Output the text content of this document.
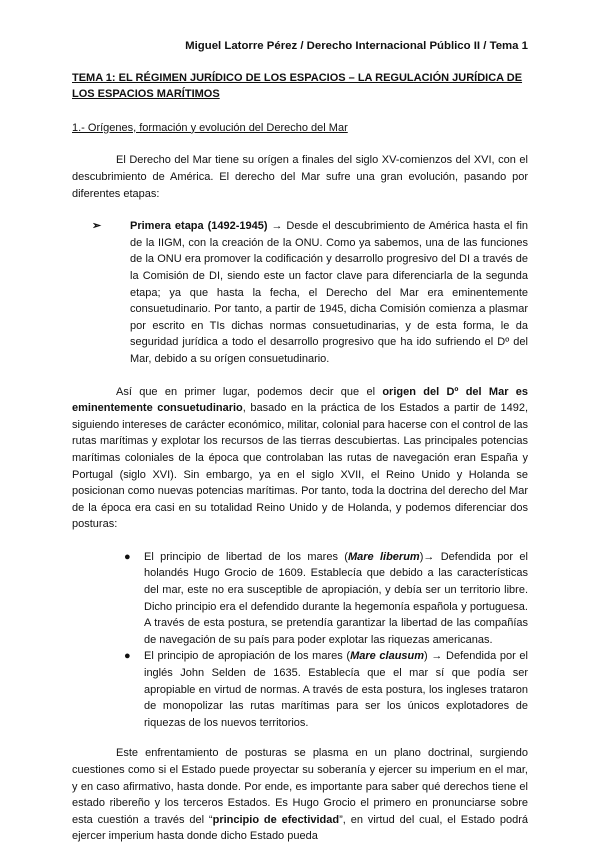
Miguel Latorre Pérez / Derecho Internacional Público II / Tema 1

TEMA 1: EL RÉGIMEN JURÍDICO DE LOS ESPACIOS – LA REGULACIÓN JURÍDICA DE LOS ESPACIOS MARÍTIMOS

1.- Orígenes, formación y evolución del Derecho del Mar

El Derecho del Mar tiene su orígen a finales del siglo XV-comienzos del XVI, con el descubrimiento de América. El derecho del Mar sufre una gran evolución, pasando por diferentes etapas:

➢	Primera etapa (1492-1945) → Desde el descubrimiento de América hasta el fin de la IIGM, con la creación de la ONU. Como ya sabemos, una de las funciones de la ONU era promover la codificación y desarrollo progresivo del DI a través de la Comisión de DI, siendo este un factor clave para diferenciarla de la segunda etapa; ya que hasta la fecha, el Derecho del Mar era eminentemente consuetudinario. Por tanto, a partir de 1945, dicha Comisión comienza a plasmar por escrito en TIs dichas normas consuetudinarias, y de esta forma, le da seguridad jurídica a todo el desarrollo progresivo que ha ido sufriendo el Dº del Mar, debido a su orígen consuetudinario.

Así que en primer lugar, podemos decir que el origen del Dº del Mar es eminentemente consuetudinario, basado en la práctica de los Estados a partir de 1492, siguiendo intereses de carácter económico, militar, colonial para hacerse con el control de las rutas marítimas y explotar los recursos de las tierras descubiertas. Las principales potencias marítimas coloniales de la época que controlaban las rutas de navegación eran España y Portugal (siglo XVI). Sin embargo, ya en el siglo XVII, el Reino Unido y Holanda se posicionan como nuevas potencias marítimas. Por tanto, toda la doctrina del derecho del Mar de la época era casi en su totalidad Reino Unido y de Holanda, y podemos diferenciar dos posturas:

● El principio de libertad de los mares (Mare liberum)→ Defendida por el holandés Hugo Grocio de 1609. Establecía que debido a las características del mar, este no era susceptible de apropiación, y debía ser un territorio libre. Dicho principio era el defendido durante la hegemonía española y portuguesa. A través de esta postura, se pretendía garantizar la libertad de las compañías de navegación de su país para poder explotar las riquezas americanas.
● El principio de apropiación de los mares (Mare clausum) → Defendida por el inglés John Selden de 1635. Establecía que el mar sí que podía ser apropiable en virtud de normas. A través de esta postura, los ingleses trataron de monopolizar las rutas marítimas para ser los únicos explotadores de riquezas de los nuevos territorios.

Este enfrentamiento de posturas se plasma en un plano doctrinal, surgiendo cuestiones como si el Estado puede proyectar su soberanía y ejercer su imperium en el mar, y en caso afirmativo, hasta donde. Por ende, es importante para saber qué derechos tiene el estado ribereño y los terceros Estados. Es Hugo Grocio el primero en pronunciarse sobre esta cuestión a través del “principio de efectividad”, en virtud del cual, el Estado podrá ejercer imperium hasta donde dicho Estado pueda
